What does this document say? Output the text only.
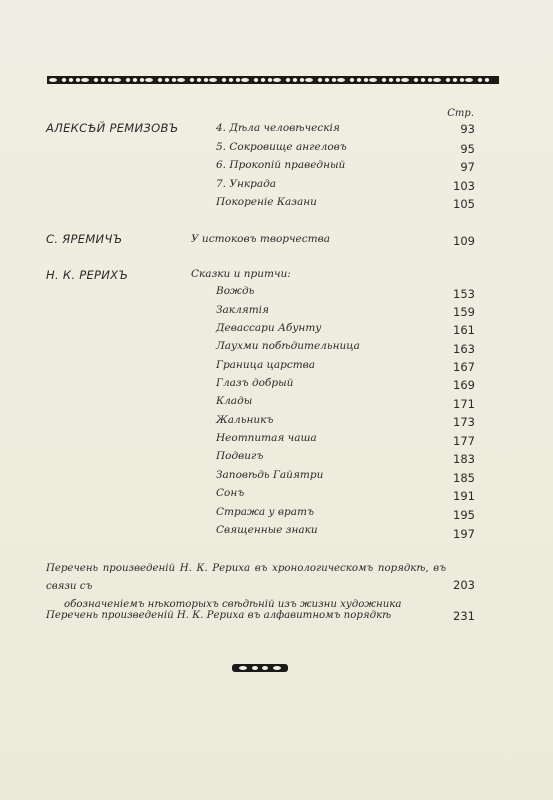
Стр.
АЛЕКСѢЙ РЕМИЗОВЪ	4. Дѣла человѣческія	93
5. Сокровище ангеловъ	95
6. Прокопій праведный	97
7. Ункрада	103
Покореніе Казани	105
С. ЯРЕМИЧЪ	У истоковъ творчества	109
Н. К. РЕРИХЪ	Сказки и притчи:
Вождь	153
Заклятія	159
Девассари Абунту	161
Лаухми побѣдительница	163
Граница царства	167
Глазъ добрый	169
Клады	171
Жальникъ	173
Неотпитая чаша	177
Подвигъ	183
Заповѣдь Гайятри	185
Сонъ	191
Стража у вратъ	195
Священные знаки	197
Перечень произведеній Н. К. Рериха въ хронологическомъ порядкѣ, въ связи съ
обозначеніемъ нѣкоторыхъ свѣдѣній изъ жизни художника
203
Перечень произведеній Н. К. Рериха въ алфавитномъ порядкѣ	231
